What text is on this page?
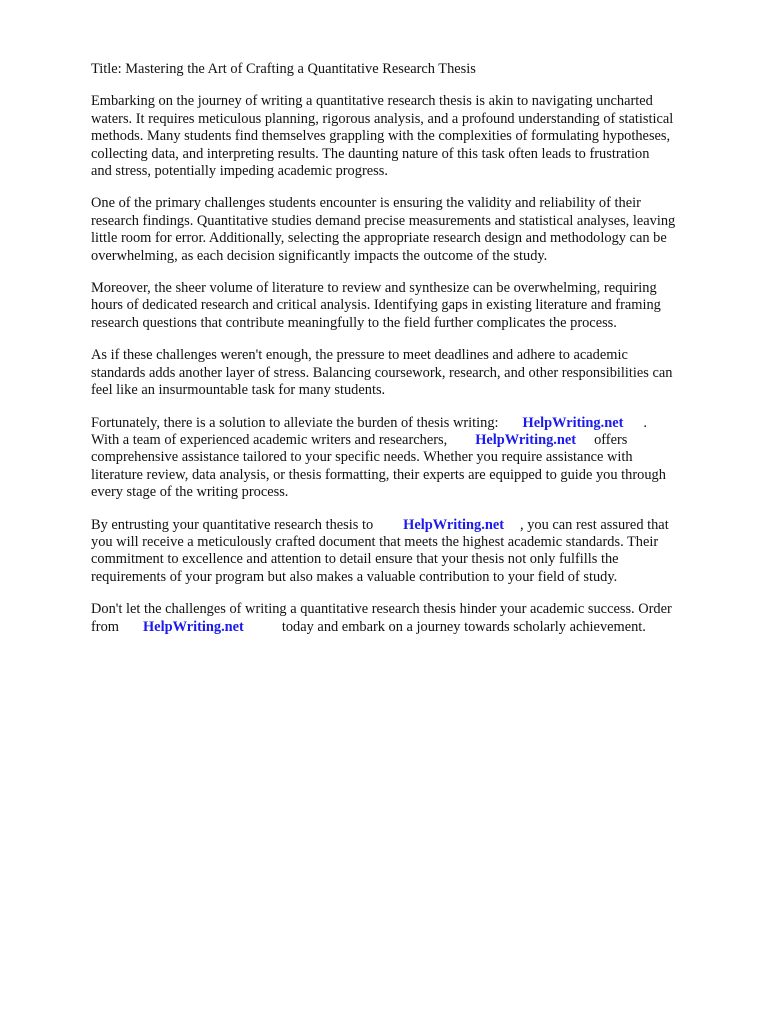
Title: Mastering the Art of Crafting a Quantitative Research Thesis
Embarking on the journey of writing a quantitative research thesis is akin to navigating uncharted
waters. It requires meticulous planning, rigorous analysis, and a profound understanding of statistical
methods. Many students find themselves grappling with the complexities of formulating hypotheses,
collecting data, and interpreting results. The daunting nature of this task often leads to frustration
and stress, potentially impeding academic progress.
One of the primary challenges students encounter is ensuring the validity and reliability of their
research findings. Quantitative studies demand precise measurements and statistical analyses, leaving
little room for error. Additionally, selecting the appropriate research design and methodology can be
overwhelming, as each decision significantly impacts the outcome of the study.
Moreover, the sheer volume of literature to review and synthesize can be overwhelming, requiring
hours of dedicated research and critical analysis. Identifying gaps in existing literature and framing
research questions that contribute meaningfully to the field further complicates the process.
As if these challenges weren't enough, the pressure to meet deadlines and adhere to academic
standards adds another layer of stress. Balancing coursework, research, and other responsibilities can
feel like an insurmountable task for many students.
Fortunately, there is a solution to alleviate the burden of thesis writing: HelpWriting.net .
With a team of experienced academic writers and researchers, HelpWriting.net offers
comprehensive assistance tailored to your specific needs. Whether you require assistance with
literature review, data analysis, or thesis formatting, their experts are equipped to guide you through
every stage of the writing process.
By entrusting your quantitative research thesis to HelpWriting.net , you can rest assured that
you will receive a meticulously crafted document that meets the highest academic standards. Their
commitment to excellence and attention to detail ensure that your thesis not only fulfills the
requirements of your program but also makes a valuable contribution to your field of study.
Don't let the challenges of writing a quantitative research thesis hinder your academic success. Order
from HelpWriting.net	today and embark on a journey towards scholarly achievement.
